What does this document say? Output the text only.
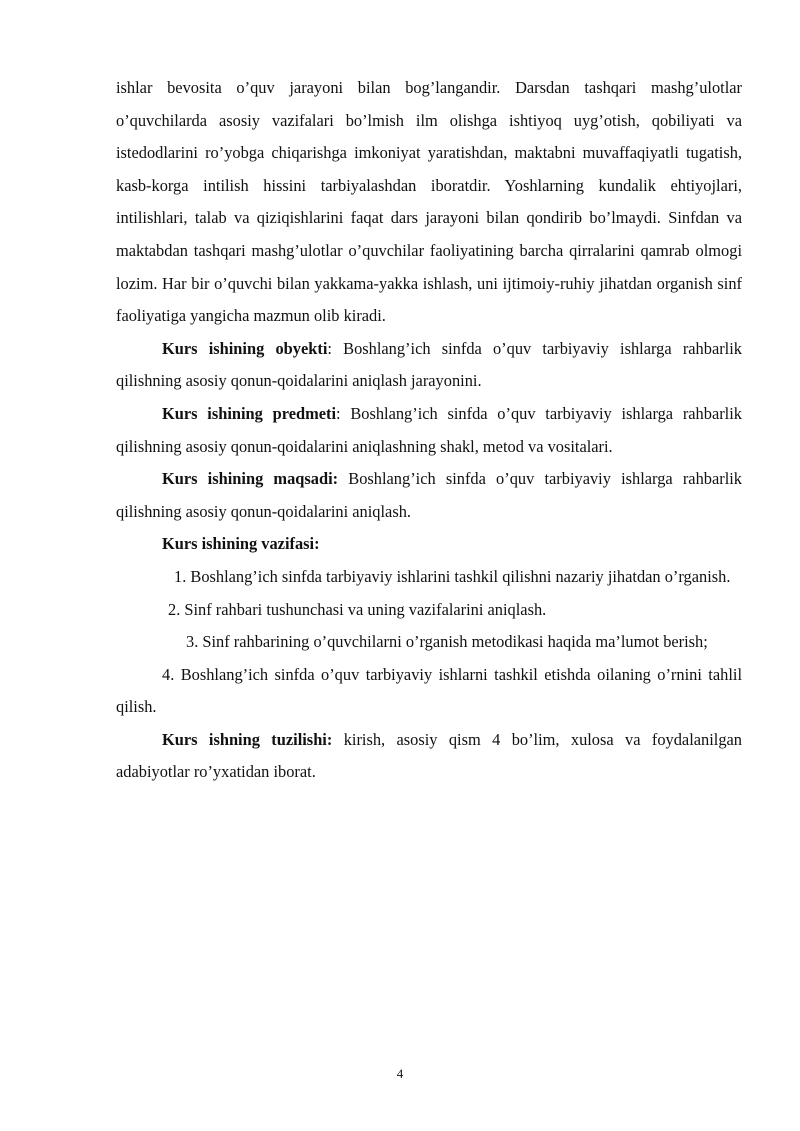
ishlar bevosita o’quv jarayoni bilan bog’langandir. Darsdan tashqari mashg’ulotlar o’quvchilarda asosiy vazifalari bo’lmish ilm olishga ishtiyoq uyg’otish, qobiliyati va istedodlarini ro’yobga chiqarishga imkoniyat yaratishdan, maktabni muvaffaqiyatli tugatish, kasb-korga intilish hissini tarbiyalashdan iboratdir. Yoshlarning kundalik ehtiyojlari, intilishlari, talab va qiziqishlarini faqat dars jarayoni bilan qondirib bo’lmaydi. Sinfdan va maktabdan tashqari mashg’ulotlar o’quvchilar faoliyatining barcha qirralarini qamrab olmogi lozim. Har bir o’quvchi bilan yakkama-yakka ishlash, uni ijtimoiy-ruhiy jihatdan organish sinf faoliyatiga yangicha mazmun olib kiradi.

Kurs ishining obyekti: Boshlang’ich sinfda o’quv tarbiyaviy ishlarga rahbarlik qilishning asosiy qonun-qoidalarini aniqlash jarayonini.

Kurs ishining predmeti: Boshlang’ich sinfda o’quv tarbiyaviy ishlarga rahbarlik qilishning asosiy qonun-qoidalarini aniqlashning shakl, metod va vositalari.

Kurs ishining maqsadi: Boshlang’ich sinfda o’quv tarbiyaviy ishlarga rahbarlik qilishning asosiy qonun-qoidalarini aniqlash.

Kurs ishining vazifasi:

1. Boshlang’ich sinfda tarbiyaviy ishlarini tashkil qilishni nazariy jihatdan o’rganish.

2. Sinf rahbari tushunchasi va uning vazifalarini aniqlash.

3. Sinf rahbarining o’quvchilarni o’rganish metodikasi haqida ma’lumot berish;

4. Boshlang’ich sinfda o’quv tarbiyaviy ishlarni tashkil etishda oilaning o’rnini tahlil qilish.

Kurs ishning tuzilishi: kirish, asosiy qism 4 bo’lim, xulosa va foydalanilgan adabiyotlar ro’yxatidan iborat.

4
